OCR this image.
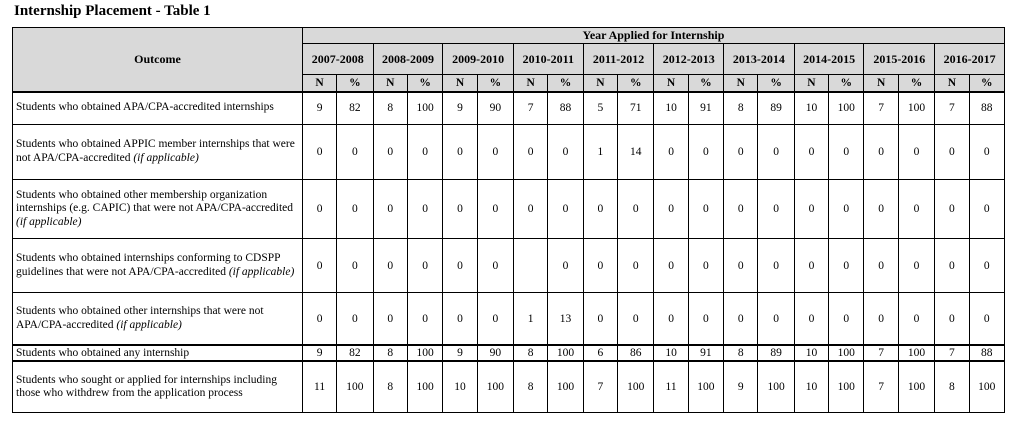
Internship Placement - Table 1
Outcome	Year Applied for Internship																			
	2007-2008		2008-2009		2009-2010		2010-2011		2011-2012		2012-2013		2013-2014		2014-2015		2015-2016		2016-2017	
	N	%	N	%	N	%	N	%	N	%	N	%	N	%	N	%	N	%	N	%
Students who obtained APA/CPA-accredited internships	9	82	8	100	9	90	7	88	5	71	10	91	8	89	10	100	7	100	7	88
Students who obtained APPIC member internships that were not APA/CPA-accredited (if applicable)	0	0	0	0	0	0	0	0	1	14	0	0	0	0	0	0	0	0	0	0
Students who obtained other membership organization internships (e.g. CAPIC) that were not APA/CPA-accredited (if applicable)	0	0	0	0	0	0	0	0	0	0	0	0	0	0	0	0	0	0	0	0
Students who obtained internships conforming to CDSPP guidelines that were not APA/CPA-accredited (if applicable)	0	0	0	0	0	0		0	0	0	0	0	0	0	0	0	0	0	0	0
Students who obtained other internships that were not APA/CPA-accredited (if applicable)	0	0	0	0	0	0	1	13	0	0	0	0	0	0	0	0	0	0	0	0
Students who obtained any internship	9	82	8	100	9	90	8	100	6	86	10	91	8	89	10	100	7	100	7	88
Students who sought or applied for internships including those who withdrew from the application process	11	100	8	100	10	100	8	100	7	100	11	100	9	100	10	100	7	100	8	100
